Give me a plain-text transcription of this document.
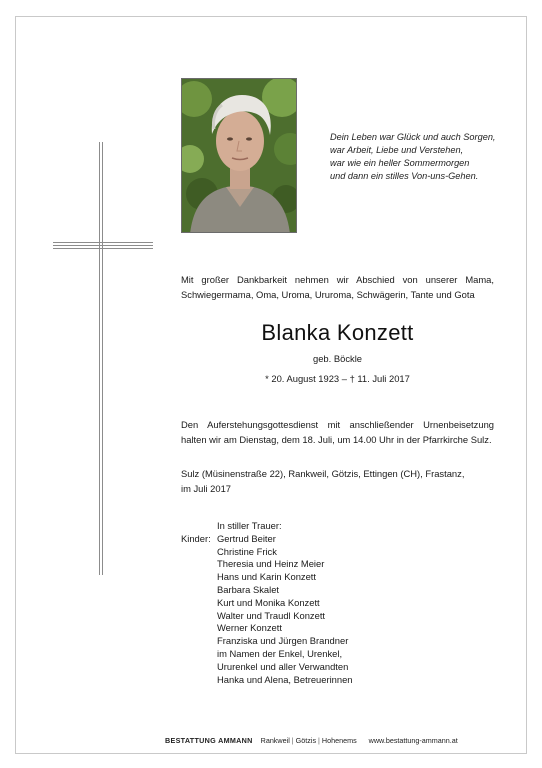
Dein Leben war Glück und auch Sorgen,
war Arbeit, Liebe und Verstehen,
war wie ein heller Sommermorgen
und dann ein stilles Von-uns-Gehen.
Mit großer Dankbarkeit nehmen wir Abschied von unserer Mama,
Schwiegermama, Oma, Uroma, Ururoma, Schwägerin, Tante und Gota
Blanka Konzett
geb. Böckle
* 20. August 1923 – † 11. Juli 2017
Den Auferstehungsgottesdienst mit anschließender Urnenbeisetzung
halten wir am Dienstag, dem 18. Juli, um 14.00 Uhr in der Pfarrkirche Sulz.
Sulz (Müsinenstraße 22), Rankweil, Götzis, Ettingen (CH), Frastanz,
im Juli 2017
Kinder:
In stiller Trauer:
Gertrud Beiter
Christine Frick
Theresia und Heinz Meier
Hans und Karin Konzett
Barbara Skalet
Kurt und Monika Konzett
Walter und Traudl Konzett
Werner Konzett
Franziska und Jürgen Brandner
im Namen der Enkel, Urenkel,
Ururenkel und aller Verwandten
Hanka und Alena, Betreuerinnen
BESTATTUNG AMMANN Rankweil | Götzis | Hohenems www.bestattung-ammann.at
